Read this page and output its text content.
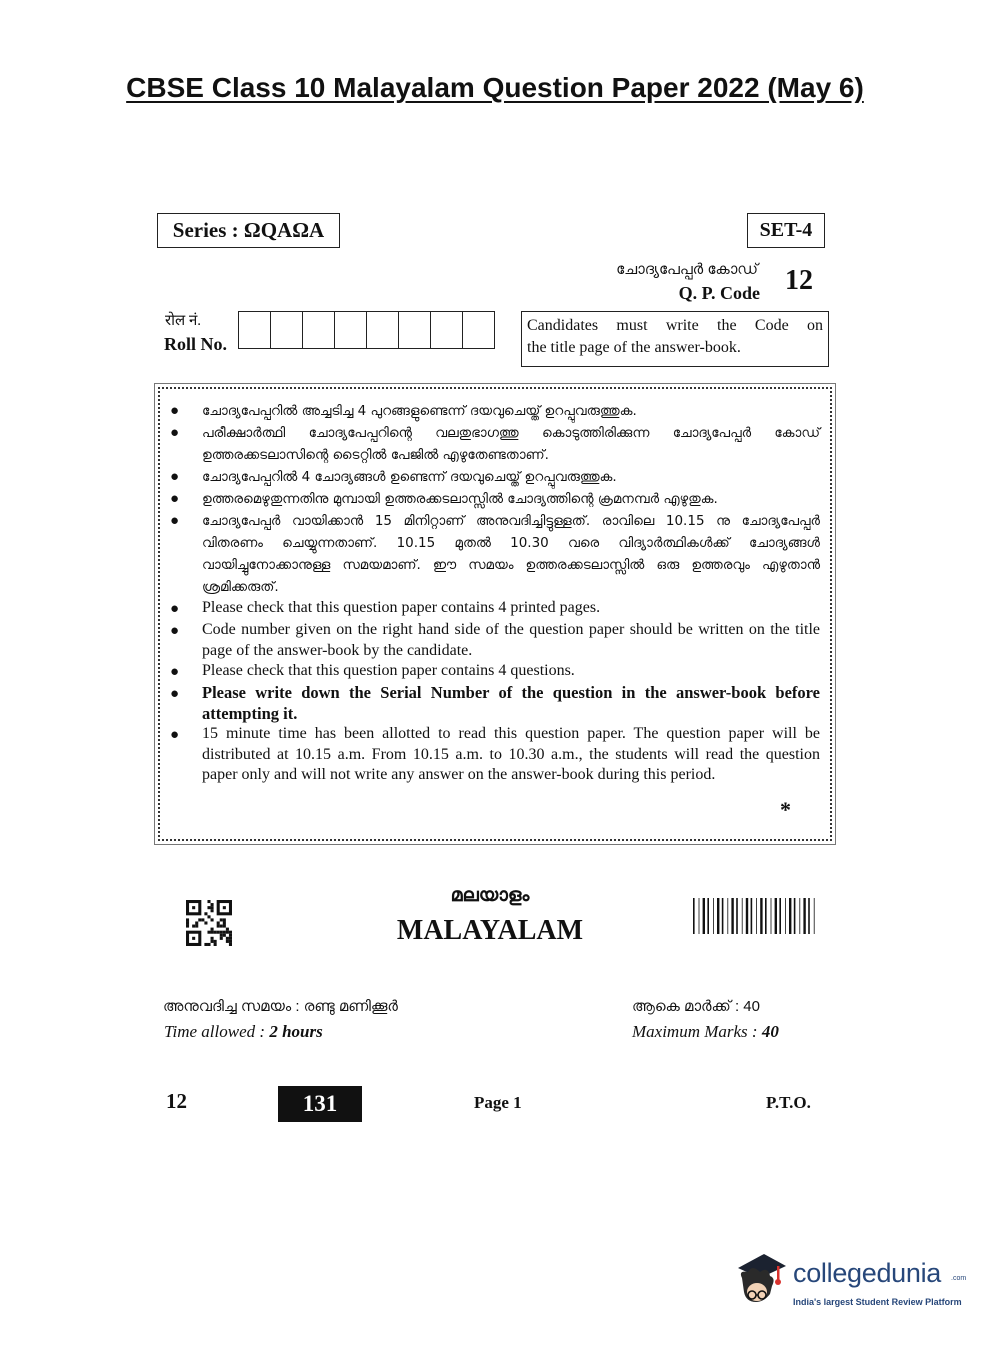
CBSE Class 10 Malayalam Question Paper 2022 (May 6)
Series : ΩQAΩA	SET-4
ചോദ്യപേപ്പർ കോഡ്
Q. P. Code 12
रोल नं.
Roll No.
Candidates must write the Code on
the title page of the answer-book.
●	ചോദ്യപേപ്പറിൽ അച്ചടിച്ച 4 പുറങ്ങളുണ്ടെന്ന് ദയവുചെയ്ത് ഉറപ്പുവരുത്തുക.
●	പരീക്ഷാർത്ഥി ചോദ്യപേപ്പറിന്റെ വലതുഭാഗത്തു കൊടുത്തിരിക്കുന്ന ചോദ്യപേപ്പർ കോഡ് ഉത്തരക്കടലാസിന്റെ ടൈറ്റിൽ പേജിൽ എഴുതേണ്ടതാണ്.
●	ചോദ്യപേപ്പറിൽ 4 ചോദ്യങ്ങൾ ഉണ്ടെന്ന് ദയവുചെയ്ത് ഉറപ്പുവരുത്തുക.
●	ഉത്തരമെഴുതുന്നതിനു മുമ്പായി ഉത്തരക്കടലാസ്സിൽ ചോദ്യത്തിന്റെ ക്രമനമ്പർ എഴുതുക.
●	ചോദ്യപേപ്പർ വായിക്കാൻ 15 മിനിറ്റാണ് അനുവദിച്ചിട്ടുള്ളത്. രാവിലെ 10.15 നു ചോദ്യപേപ്പർ വിതരണം ചെയ്യുന്നതാണ്. 10.15 മുതൽ 10.30 വരെ വിദ്യാർത്ഥികൾക്ക് ചോദ്യങ്ങൾ വായിച്ചുനോക്കാനുള്ള സമയമാണ്. ഈ സമയം ഉത്തരക്കടലാസ്സിൽ ഒരു ഉത്തരവും എഴുതാൻ ശ്രമിക്കരുത്.
●	Please check that this question paper contains 4 printed pages.
●	Code number given on the right hand side of the question paper should be written on the title page of the answer-book by the candidate.
●	Please check that this question paper contains 4 questions.
●	Please write down the Serial Number of the question in the answer-book before attempting it.
●	15 minute time has been allotted to read this question paper. The question paper will be distributed at 10.15 a.m. From 10.15 a.m. to 10.30 a.m., the students will read the question paper only and will not write any answer on the answer-book during this period.
*
മലയാളം
MALAYALAM
അനുവദിച്ച സമയം : രണ്ടു മണിക്കൂർ
Time allowed : 2 hours
ആകെ മാർക്ക് : 40
Maximum Marks : 40
12	131	Page 1	P.T.O.
collegedunia .com
India's largest Student Review Platform
